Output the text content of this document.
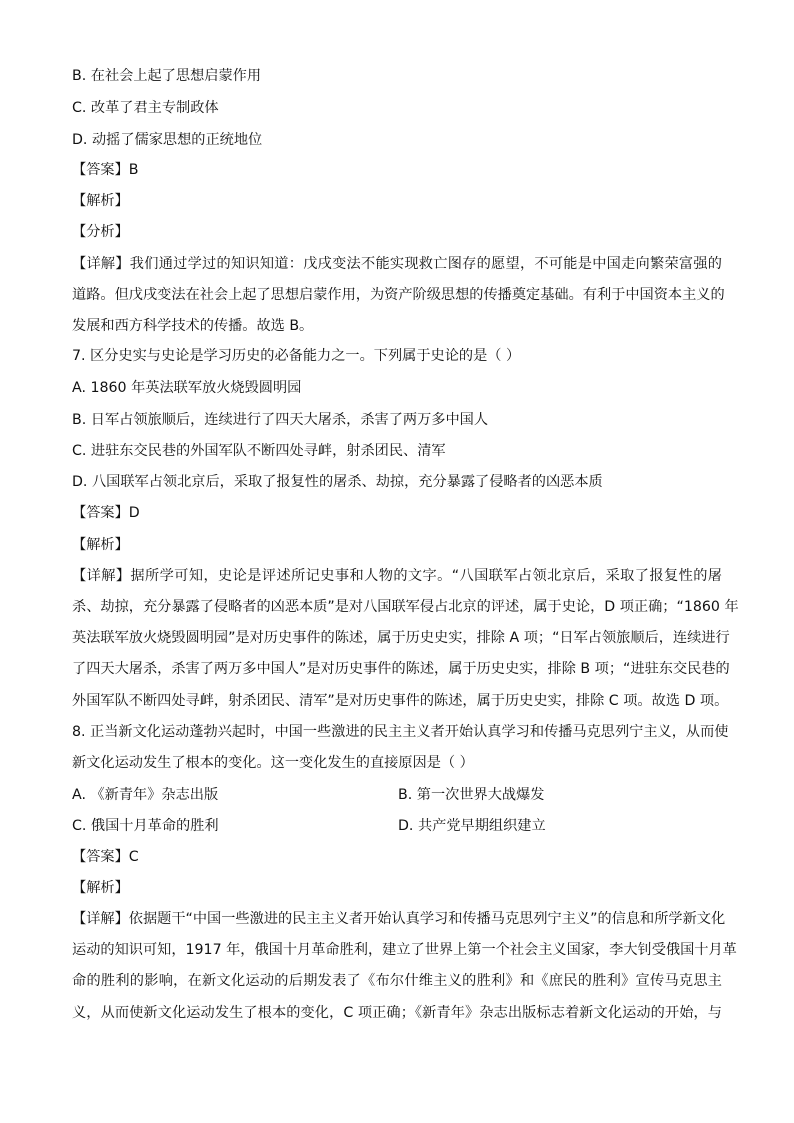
B. 在社会上起了思想启蒙作用
C. 改革了君主专制政体
D. 动摇了儒家思想的正统地位
【答案】B
【解析】
【分析】
【详解】我们通过学过的知识知道：戊戌变法不能实现救亡图存的愿望，不可能是中国走向繁荣富强的
道路。但戊戌变法在社会上起了思想启蒙作用，为资产阶级思想的传播奠定基础。有利于中国资本主义的
发展和西方科学技术的传播。故选 B。
7. 区分史实与史论是学习历史的必备能力之一。下列属于史论的是（ ）
A. 1860 年英法联军放火烧毁圆明园
B. 日军占领旅顺后，连续进行了四天大屠杀，杀害了两万多中国人
C. 进驻东交民巷的外国军队不断四处寻衅，射杀团民、清军
D. 八国联军占领北京后，采取了报复性的屠杀、劫掠，充分暴露了侵略者的凶恶本质
【答案】D
【解析】
【详解】据所学可知，史论是评述所记史事和人物的文字。“八国联军占领北京后，采取了报复性的屠
杀、劫掠，充分暴露了侵略者的凶恶本质”是对八国联军侵占北京的评述，属于史论，D 项正确；“1860 年
英法联军放火烧毁圆明园”是对历史事件的陈述，属于历史史实，排除 A 项；“日军占领旅顺后，连续进行
了四天大屠杀，杀害了两万多中国人”是对历史事件的陈述，属于历史史实，排除 B 项；“进驻东交民巷的
外国军队不断四处寻衅，射杀团民、清军”是对历史事件的陈述，属于历史史实，排除 C 项。故选 D 项。
8. 正当新文化运动蓬勃兴起时，中国一些激进的民主主义者开始认真学习和传播马克思列宁主义，从而使
新文化运动发生了根本的变化。这一变化发生的直接原因是（ ）
A. 《新青年》杂志出版	B. 第一次世界大战爆发
C. 俄国十月革命的胜利	D. 共产党早期组织建立
【答案】C
【解析】
【详解】依据题干“中国一些激进的民主主义者开始认真学习和传播马克思列宁主义”的信息和所学新文化
运动的知识可知，1917 年，俄国十月革命胜利，建立了世界上第一个社会主义国家，李大钊受俄国十月革
命的胜利的影响，在新文化运动的后期发表了《布尔什维主义的胜利》和《庶民的胜利》宣传马克思主
义，从而使新文化运动发生了根本的变化，C 项正确；《新青年》杂志出版标志着新文化运动的开始，与
